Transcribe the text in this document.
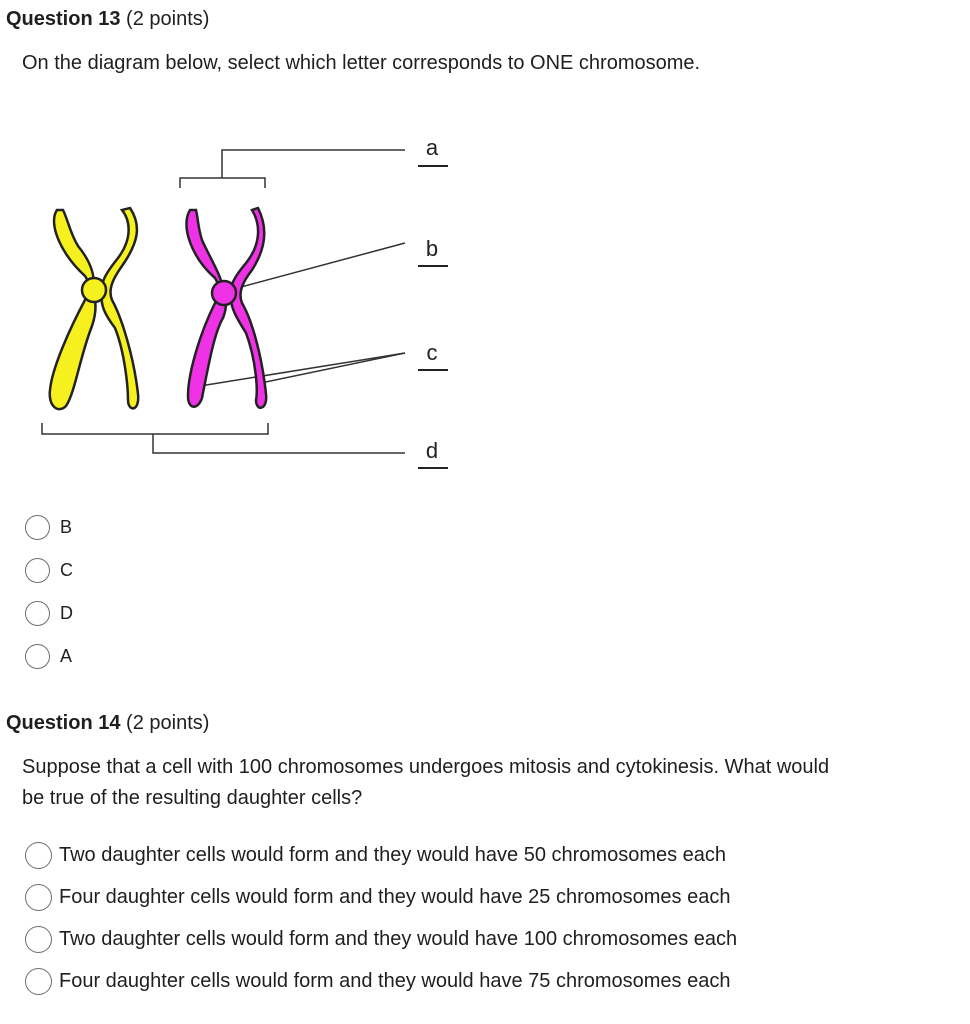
Question 13 (2 points)
On the diagram below, select which letter corresponds to ONE chromosome.
a
b
c
d
B
C
D
A
Question 14 (2 points)
Suppose that a cell with 100 chromosomes undergoes mitosis and cytokinesis. What would be true of the resulting daughter cells?
Two daughter cells would form and they would have 50 chromosomes each
Four daughter cells would form and they would have 25 chromosomes each
Two daughter cells would form and they would have 100 chromosomes each
Four daughter cells would form and they would have 75 chromosomes each
